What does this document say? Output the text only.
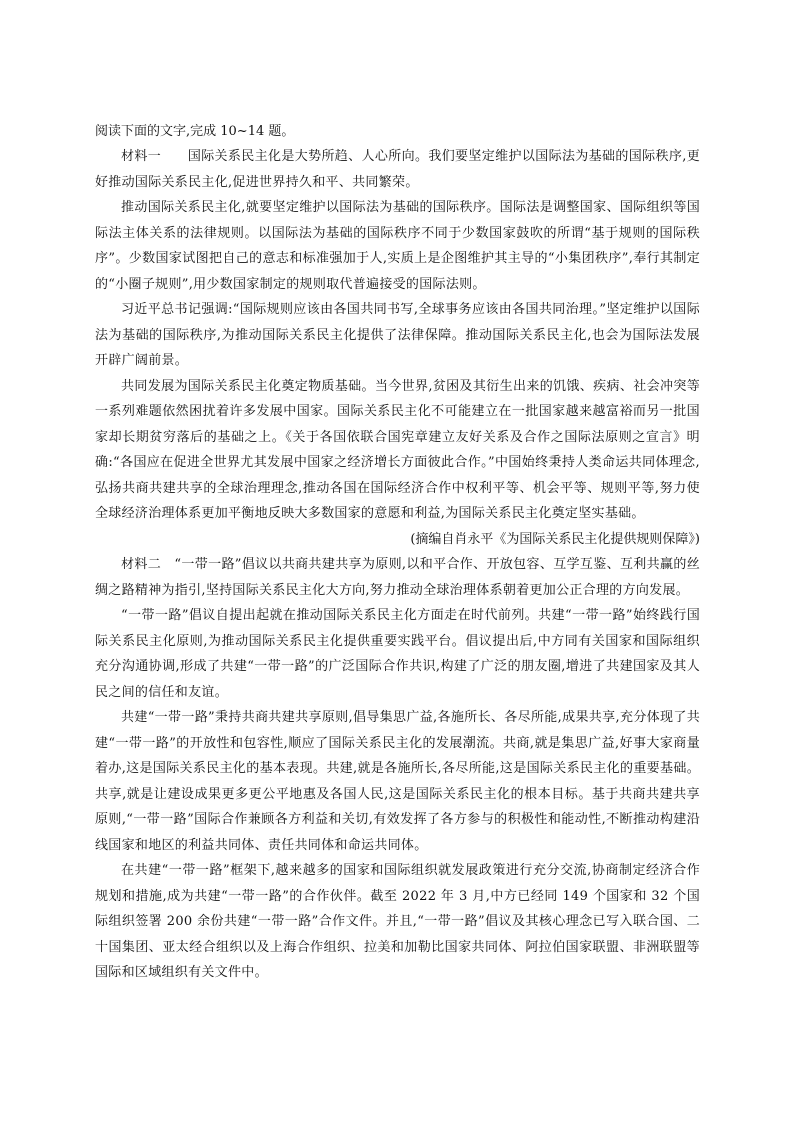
阅读下面的文字,完成 10~14 题。

材料一　　 国际关系民主化是大势所趋、人心所向。我们要坚定维护以国际法为基础的国际秩序,更好推动国际关系民主化,促进世界持久和平、共同繁荣。

推动国际关系民主化,就要坚定维护以国际法为基础的国际秩序。国际法是调整国家、国际组织等国际法主体关系的法律规则。以国际法为基础的国际秩序不同于少数国家鼓吹的所谓“基于规则的国际秩序”。少数国家试图把自己的意志和标准强加于人,实质上是企图维护其主导的“小集团秩序”,奉行其制定的“小圈子规则”,用少数国家制定的规则取代普遍接受的国际法则。

习近平总书记强调:“国际规则应该由各国共同书写,全球事务应该由各国共同治理。”坚定维护以国际法为基础的国际秩序,为推动国际关系民主化提供了法律保障。推动国际关系民主化,也会为国际法发展开辟广阔前景。

共同发展为国际关系民主化奠定物质基础。当今世界,贫困及其衍生出来的饥饿、疾病、社会冲突等一系列难题依然困扰着许多发展中国家。国际关系民主化不可能建立在一批国家越来越富裕而另一批国家却长期贫穷落后的基础之上。《关于各国依联合国宪章建立友好关系及合作之国际法原则之宣言》明确:“各国应在促进全世界尤其发展中国家之经济增长方面彼此合作。”中国始终秉持人类命运共同体理念,弘扬共商共建共享的全球治理理念,推动各国在国际经济合作中权利平等、机会平等、规则平等,努力使全球经济治理体系更加平衡地反映大多数国家的意愿和利益,为国际关系民主化奠定坚实基础。

(摘编自肖永平《为国际关系民主化提供规则保障》)

材料二　 “一带一路”倡议以共商共建共享为原则,以和平合作、开放包容、互学互鉴、互利共赢的丝绸之路精神为指引,坚持国际关系民主化大方向,努力推动全球治理体系朝着更加公正合理的方向发展。

“一带一路”倡议自提出起就在推动国际关系民主化方面走在时代前列。共建“一带一路”始终践行国际关系民主化原则,为推动国际关系民主化提供重要实践平台。倡议提出后,中方同有关国家和国际组织充分沟通协调,形成了共建“一带一路”的广泛国际合作共识,构建了广泛的朋友圈,增进了共建国家及其人民之间的信任和友谊。

共建“一带一路”秉持共商共建共享原则,倡导集思广益,各施所长、各尽所能,成果共享,充分体现了共建“一带一路”的开放性和包容性,顺应了国际关系民主化的发展潮流。共商,就是集思广益,好事大家商量着办,这是国际关系民主化的基本表现。共建,就是各施所长,各尽所能,这是国际关系民主化的重要基础。共享,就是让建设成果更多更公平地惠及各国人民,这是国际关系民主化的根本目标。基于共商共建共享原则,“一带一路”国际合作兼顾各方利益和关切,有效发挥了各方参与的积极性和能动性,不断推动构建沿线国家和地区的利益共同体、责任共同体和命运共同体。

在共建“一带一路”框架下,越来越多的国家和国际组织就发展政策进行充分交流,协商制定经济合作规划和措施,成为共建“一带一路”的合作伙伴。截至 2022 年 3 月,中方已经同 149 个国家和 32 个国际组织签署 200 余份共建“一带一路”合作文件。并且,“一带一路”倡议及其核心理念已写入联合国、二十国集团、亚太经合组织以及上海合作组织、拉美和加勒比国家共同体、阿拉伯国家联盟、非洲联盟等国际和区域组织有关文件中。
